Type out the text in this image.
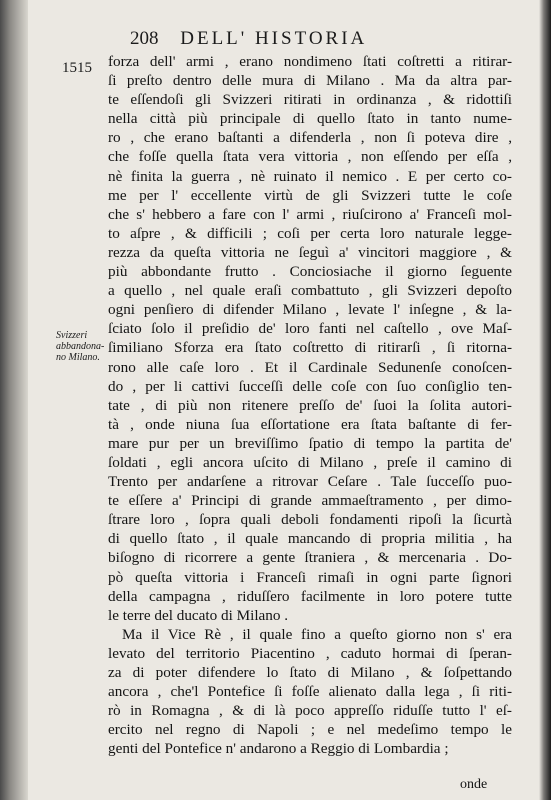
208 DELL' HISTORIA
1515
Svizzeri
abbandona-
no Milano.
forza dell' armi , erano nondimeno ſtati coſtretti a ritirar-
ſi preſto dentro delle mura di Milano . Ma da altra par-
te eſſendoſi gli Svizzeri ritirati in ordinanza , & ridottiſi
nella città più principale di quello ſtato in tanto nume-
ro , che erano baſtanti a difenderla , non ſi poteva dire ,
che foſſe quella ſtata vera vittoria , non eſſendo per eſſa ,
nè finita la guerra , nè ruinato il nemico . E per certo co-
me per l' eccellente virtù de gli Svizzeri tutte le coſe
che s' hebbero a fare con l' armi , riuſcirono a' Franceſi mol-
to aſpre , & difficili ; coſi per certa loro naturale legge-
rezza da queſta vittoria ne ſeguì a' vincitori maggiore , &
più abbondante frutto . Conciosiache il giorno ſeguente
a quello , nel quale eraſi combattuto , gli Svizzeri depoſto
ogni penſiero di difender Milano , levate l' inſegne , & la-
ſciato ſolo il preſidio de' loro fanti nel caſtello , ove Maſ-
ſimiliano Sforza era ſtato coſtretto di ritirarſi , ſi ritorna-
rono alle caſe loro . Et il Cardinale Sedunenſe conoſcen-
do , per li cattivi ſucceſſi delle coſe con ſuo conſiglio ten-
tate , di più non ritenere preſſo de' ſuoi la ſolita autori-
tà , onde niuna ſua eſſortatione era ſtata baſtante di fer-
mare pur per un breviſſimo ſpatio di tempo la partita de'
ſoldati , egli ancora uſcito di Milano , preſe il camino di
Trento per andarſene a ritrovar Ceſare . Tale ſucceſſo puo-
te eſſere a' Principi di grande ammaeſtramento , per dimo-
ſtrare loro , ſopra quali deboli fondamenti ripoſi la ſicurtà
di quello ſtato , il quale mancando di propria militia , ha
biſogno di ricorrere a gente ſtraniera , & mercenaria . Do-
pò queſta vittoria i Franceſi rimaſi in ogni parte ſignori
della campagna , riduſſero facilmente in loro potere tutte
le terre del ducato di Milano .
Ma il Vice Rè , il quale fino a queſto giorno non s' era
levato del territorio Piacentino , caduto hormai di ſperan-
za di poter difendere lo ſtato di Milano , & ſoſpettando
ancora , che'l Pontefice ſi foſſe alienato dalla lega , ſi riti-
rò in Romagna , & di là poco appreſſo riduſſe tutto l' eſ-
ercito nel regno di Napoli ; e nel medeſimo tempo le
genti del Pontefice n' andarono a Reggio di Lombardia ;
onde
